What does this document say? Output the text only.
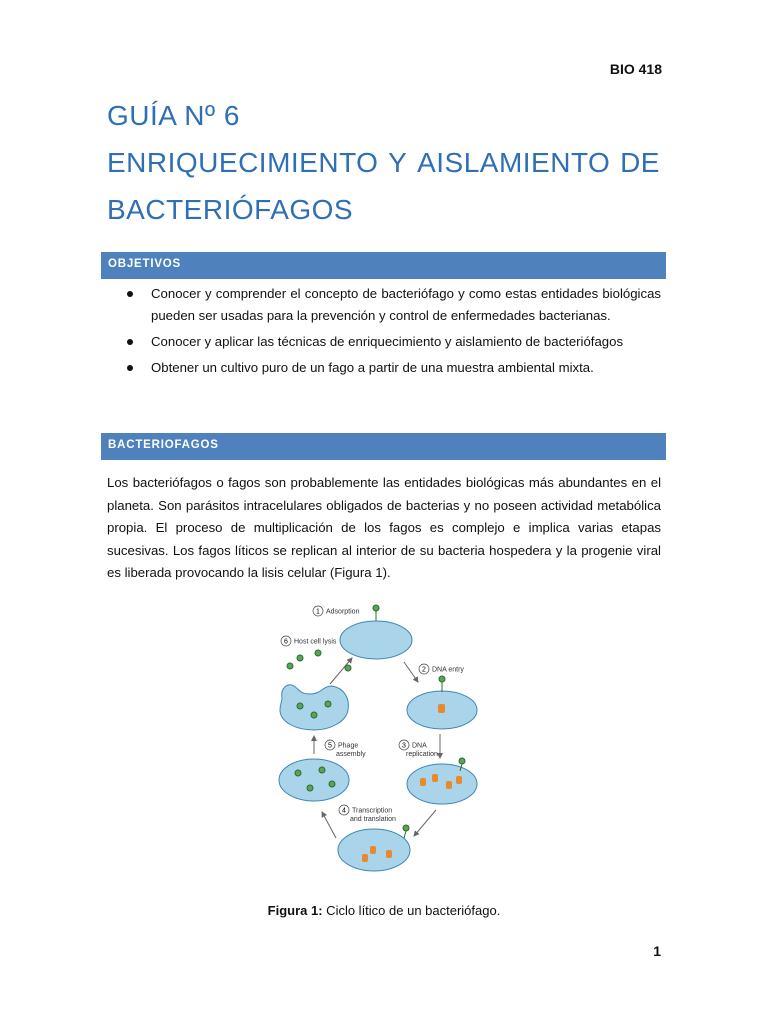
BIO 418
GUÍA Nº 6
ENRIQUECIMIENTO Y AISLAMIENTO DE
BACTERIÓFAGOS
OBJETIVOS
Conocer y comprender el concepto de bacteriófago y como estas entidades biológicas pueden ser usadas para la prevención y control de enfermedades bacterianas.
Conocer y aplicar las técnicas de enriquecimiento y aislamiento de bacteriófagos
Obtener un cultivo puro de un fago a partir de una muestra ambiental mixta.
BACTERIOFAGOS
Los bacteriófagos o fagos son probablemente las entidades biológicas más abundantes en el planeta. Son parásitos intracelulares obligados de bacterias y no poseen actividad metabólica propia. El proceso de multiplicación de los fagos es complejo e implica varias etapas sucesivas. Los fagos líticos se replican al interior de su bacteria hospedera y la progenie viral es liberada provocando la lisis celular (Figura 1).
1 Adsorption
6 Host cell lysis
2 DNA entry
3 DNA
replication
4 Transcription
and translation
5 Phage
assembly
Figura 1: Ciclo lítico de un bacteriófago.
1
